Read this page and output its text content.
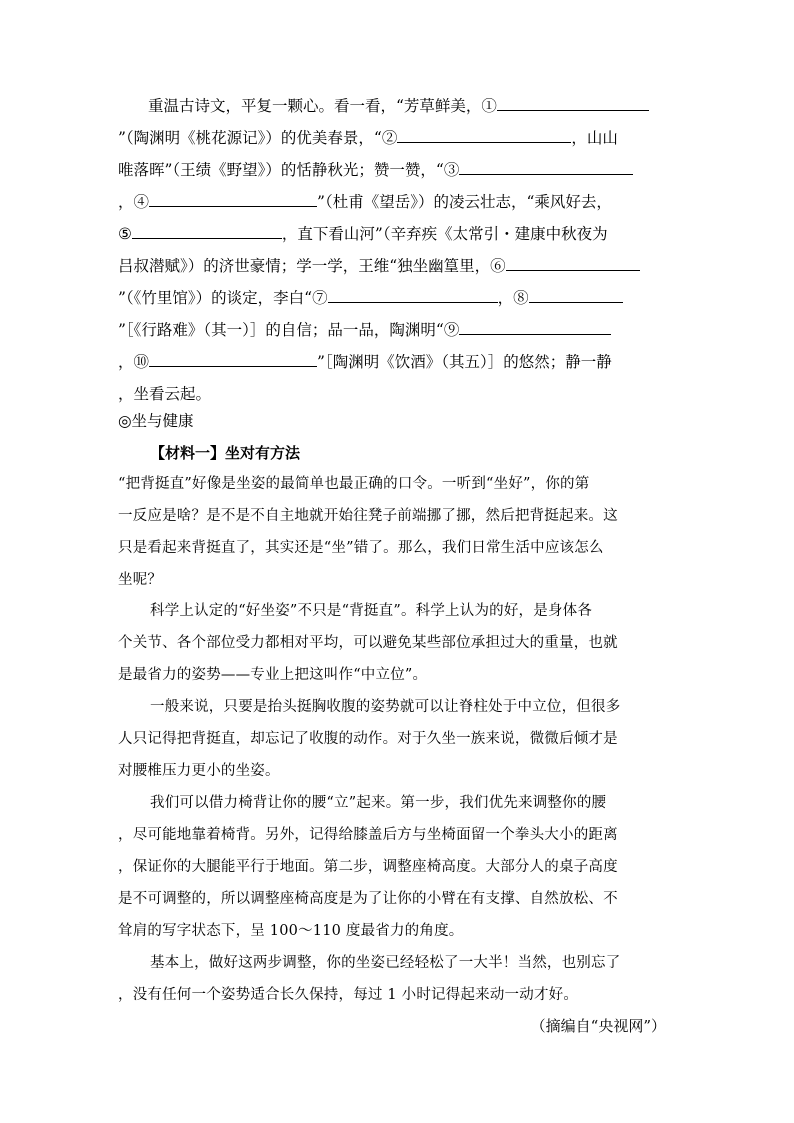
重温古诗文，平复一颗心。看一看，“芳草鲜美，①
”（陶渊明《桃花源记》）的优美春景，“②	，山山
唯落晖”（王绩《野望》）的恬静秋光；赞一赞，“③
，④	”（杜甫《望岳》）的凌云壮志，“乘风好去，
⑤	，直下看山河”（辛弃疾《太常引・建康中秋夜为
吕叔潜赋》）的济世豪情；学一学，王维“独坐幽篁里，⑥
”（《竹里馆》）的谈定，李白“⑦	，⑧
”［《行路难》（其一）］的自信；品一品，陶渊明“⑨
，⑩	”［陶渊明《饮酒》（其五）］的悠然；静一静
，坐看云起。
◎坐与健康
【材料一】坐对有方法
“把背挺直”好像是坐姿的最简单也最正确的口令。一听到“坐好”，你的第
一反应是啥？是不是不自主地就开始往凳子前端挪了挪，然后把背挺起来。这
只是看起来背挺直了，其实还是“坐”错了。那么，我们日常生活中应该怎么
坐呢？
科学上认定的“好坐姿”不只是“背挺直”。科学上认为的好，是身体各
个关节、各个部位受力都相对平均，可以避免某些部位承担过大的重量，也就
是最省力的姿势——专业上把这叫作“中立位”。
一般来说，只要是抬头挺胸收腹的姿势就可以让脊柱处于中立位，但很多
人只记得把背挺直，却忘记了收腹的动作。对于久坐一族来说，微微后倾才是
对腰椎压力更小的坐姿。
我们可以借力椅背让你的腰“立”起来。第一步，我们优先来调整你的腰
，尽可能地靠着椅背。另外，记得给膝盖后方与坐椅面留一个拳头大小的距离
，保证你的大腿能平行于地面。第二步，调整座椅高度。大部分人的桌子高度
是不可调整的，所以调整座椅高度是为了让你的小臂在有支撑、自然放松、不
耸肩的写字状态下，呈 100～110 度最省力的角度。
基本上，做好这两步调整，你的坐姿已经轻松了一大半！当然，也别忘了
，没有任何一个姿势适合长久保持，每过 1 小时记得起来动一动才好。
（摘编自“央视网”）
